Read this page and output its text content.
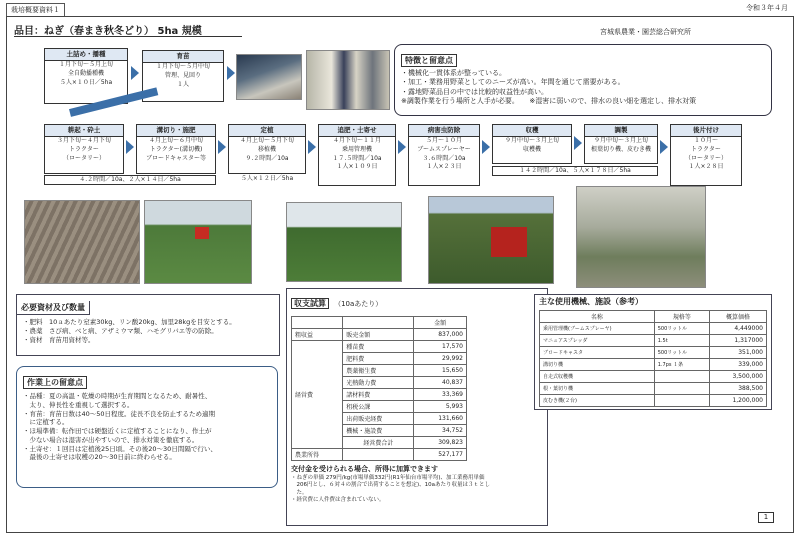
栽培概要資料１	令和３年４月
品目：ねぎ（春まき秋冬どり） 5ha 規模	宮城県農業・園芸総合研究所
土詰め・播種
１月下旬～５月上旬
全自動播種機
５人×１０日／5ha
育苗
１月下旬～５月中旬
管理、見回り
１人
特徴と留意点
・機械化一貫体系が整っている。
・加工・業務用野菜としてのニーズが高い。年間を通じて需要がある。
・露地野菜品目の中では比較的収益性が高い。
※調製作業を行う場所と人手が必要。　　※湿害に弱いので、排水の良い畑を選定し、排水対策
耕起・砕土
３月下旬～４月下旬
トラクター
（ロータリー）
溝切り・施肥
４月上旬～６月中旬
トラクター(溝切機)
ブロードキャスター等
４.２時間／10a、２人×１４日／5ha
定植
４月上旬～５月下旬
移植機
９.２時間／10a
５人×１２日／5ha
追肥・土寄せ
４月下旬～１１月
乗用管理機
１７.５時間／10a
１人×１０９日
病害虫防除
５月～１０月
ブームスプレーヤー
３.６時間／10a
１人×２３日
収穫
９月中旬～３月上旬
収穫機
調製
９月中旬～３月上旬
根葉切り機、皮むき機
１４２時間／10a、５人×１７８日／5ha
後片付け
１０月～
トラクター
（ロータリー）
１人×２８日
必要資材及び数量
・肥料　10ａあたり窒素30kg、リン酸20kg、加里28kgを目安とする。
・農薬　さび病、べと病、アザミウマ類、ハモグリバエ等の防除。
・資材　育苗用資材等。
作業上の留意点
・品種：夏の高温・乾燥の時期が生育期間となるため、耐暑性、
　太り、伸長性を重視して選択する。
・育苗：育苗日数は40～50日程度。徒長不良を防止するため適期
　に定植する。
・ほ場準備：転作田では硬盤近くに定植することになり、作土が
　少ない場合は湿害が出やすいので、排水対策を徹底する。
・土寄せ：１回目は定植後25日頃。その後20～30日間隔で行い、
　最後の土寄せは収穫の20～30日前に終わらせる。
収支試算 （10aあたり）
		金額
粗収益	販売金額	837,000
経営費	種苗費	17,570
	肥料費	29,992
	農薬衛生費	15,650
	光熱動力費	40,837
	諸材料費	33,369
	租税公課	5,993
	出荷販売経費	131,660
	機械・施設費	34,752
	経営費合計	309,823
農業所得		527,177
交付金を受けられる場合、所得に加算できます
・ねぎの単価 279円/kg(市場単価332円(R1年仙台市場平均)、加工業務用単価
　206円とし、６対４の割合で出荷することを想定)、10aあたり収量は３ｔとし
　た。
・経営費に人件費は含まれていない。
主な使用機械、施設（参考）
名称	規格等	概算価格
乗用管理機(ブームスプレーヤ)	500リットル	4,449000
マニュアスプレッダ	1.5t	1,317000
ブロードキャスタ	500リットル	351,000
溝切り機	1.7ps １条	339,000
自走式収穫機		3,500,000
根・葉切り機		388,500
皮むき機(２台)		1,200,000
1
